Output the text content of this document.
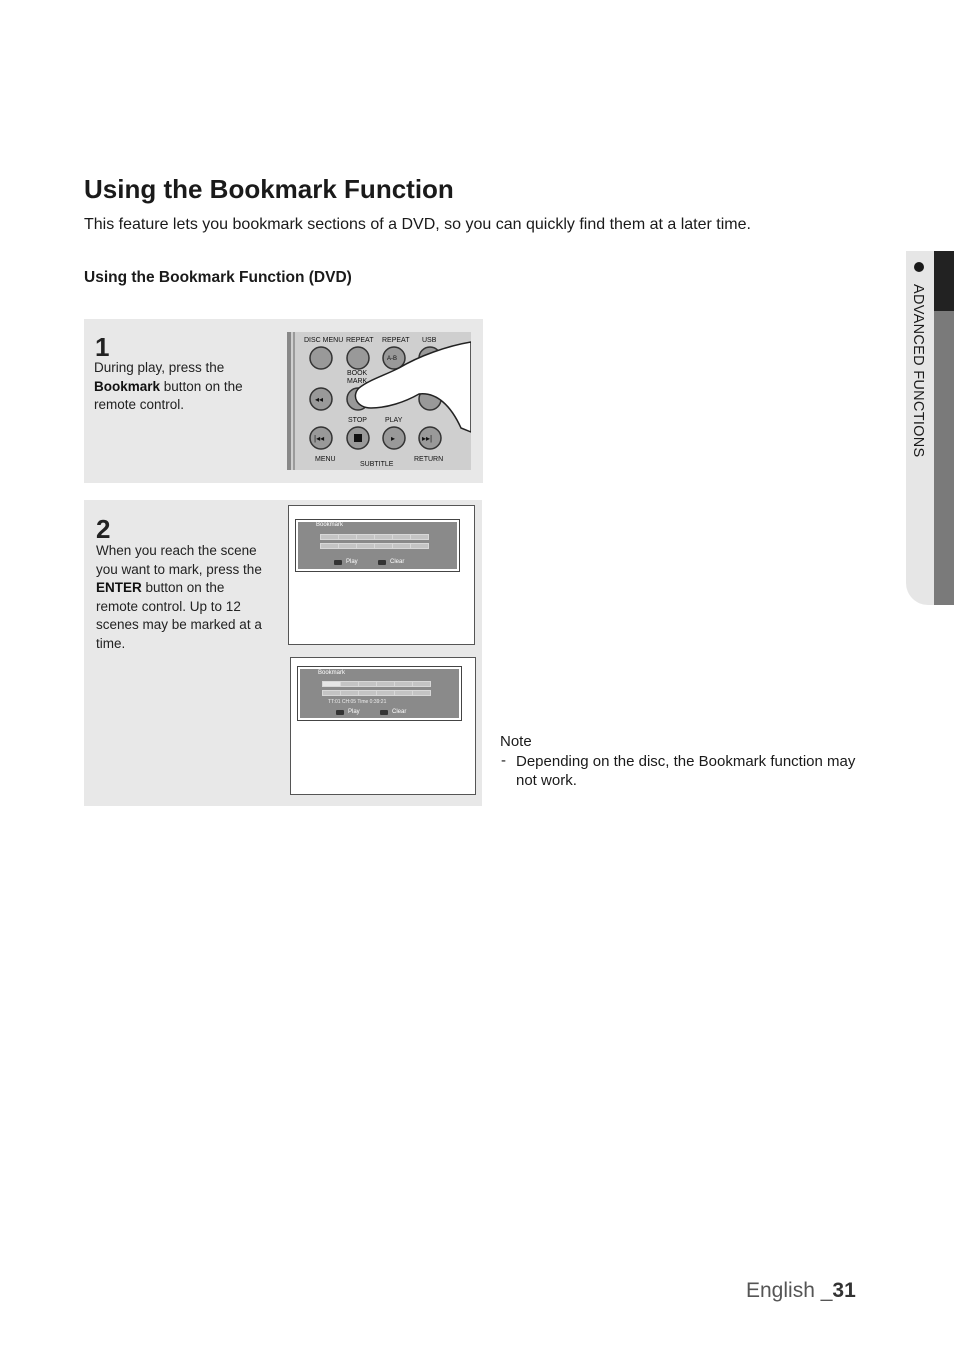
Using the Bookmark Function
This feature lets you bookmark sections of a DVD, so you can quickly find them at a later time.
Using the Bookmark Function (DVD)
1
During play, press the Bookmark button on the remote control.
DISC MENU REPEAT REPEAT USB
A-B
BOOK
MARK
◂◂
STOP	PLAY
|◂◂	▸	▸▸|
MENU
SUBTITLE
RETURN
2
When you reach the scene you want to mark, press the ENTER button on the remote control. Up to 12 scenes may be marked at a time.
Bookmark
Play	Clear
Bookmark
TT:01 CH:05 Time 0:39:21
Play	Clear
Note
- Depending on the disc, the Bookmark function may not work.
ADVANCED FUNCTIONS
English _31
